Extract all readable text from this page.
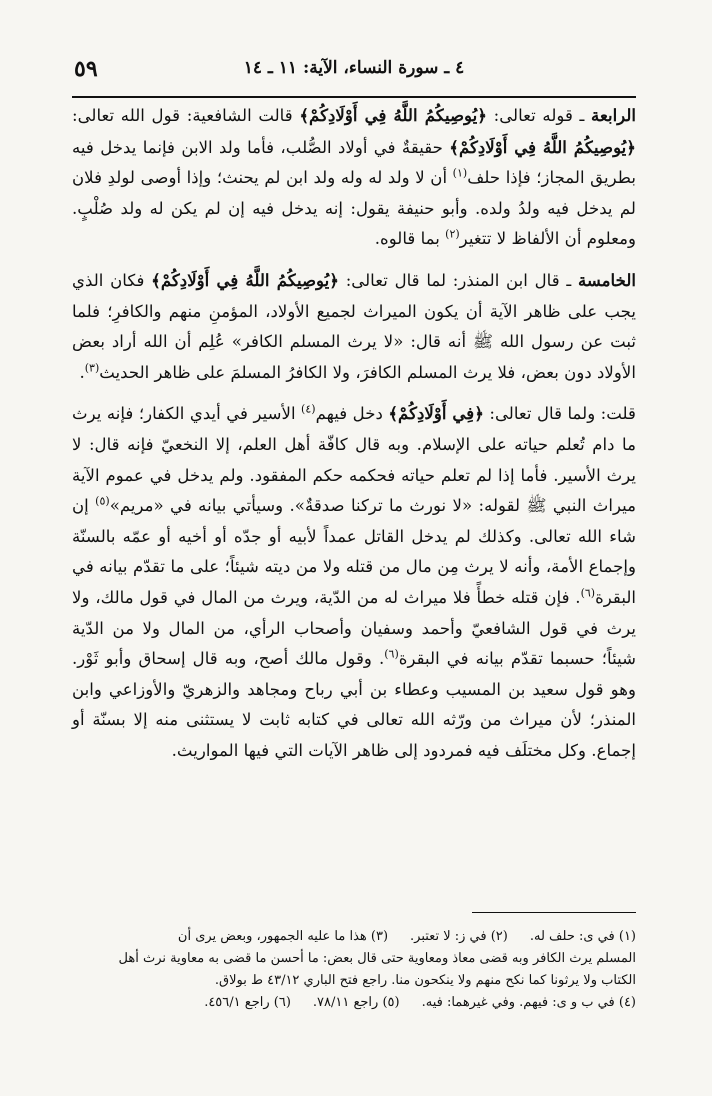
٤ ـ سورة النساء، الآية: ١١ ـ ١٤
٥٩

الرابعة ـ قوله تعالى: ﴿يُوصِيكُمُ اللَّهُ فِي أَوْلَادِكُمْ﴾ قالت الشافعية: قول الله تعالى: ﴿يُوصِيكُمُ اللَّهُ فِي أَوْلَادِكُمْ﴾ حقيقةٌ في أولاد الصُّلب، فأما ولد الابن فإنما يدخل فيه بطريق المجاز؛ فإذا حلف$^{(١)}$ أن لا ولد له وله ولد ابن لم يحنث؛ وإذا أوصى لولدِ فلان لم يدخل فيه ولدُ ولده. وأبو حنيفة يقول: إنه يدخل فيه إن لم يكن له ولد صُلْبٍ. ومعلوم أن الألفاظ لا تتغير$^{(٢)}$ بما قالوه.

الخامسة ـ قال ابن المنذر: لما قال تعالى: ﴿يُوصِيكُمُ اللَّهُ فِي أَوْلَادِكُمْ﴾ فكان الذي يجب على ظاهر الآية أن يكون الميراث لجميع الأولاد، المؤمنِ منهم والكافرِ؛ فلما ثبت عن رسول الله ﷺ أنه قال: «لا يرث المسلم الكافر» عُلِم أن الله أراد بعض الأولاد دون بعض، فلا يرث المسلم الكافرَ، ولا الكافرُ المسلمَ على ظاهر الحديث$^{(٣)}$.

قلت: ولما قال تعالى: ﴿فِي أَوْلَادِكُمْ﴾ دخل فيهم$^{(٤)}$ الأسير في أيدي الكفار؛ فإنه يرث ما دام تُعلم حياته على الإسلام. وبه قال كافّة أهل العلم، إلا النخعيّ فإنه قال: لا يرث الأسير. فأما إذا لم تعلم حياته فحكمه حكم المفقود. ولم يدخل في عموم الآية ميراث النبي ﷺ لقوله: «لا نورث ما تركنا صدقةٌ». وسيأتي بيانه في «مريم»$^{(٥)}$ إن شاء الله تعالى. وكذلك لم يدخل القاتل عمداً لأبيه أو جدّه أو أخيه أو عمّه بالسنّة وإجماع الأمة، وأنه لا يرث مِن مال من قتله ولا من ديته شيئاً؛ على ما تقدّم بيانه في البقرة$^{(٦)}$. فإن قتله خطأً فلا ميراث له من الدّية، ويرث من المال في قول مالك، ولا يرث في قول الشافعيّ وأحمد وسفيان وأصحاب الرأي، من المال ولا من الدّية شيئاً؛ حسبما تقدّم بيانه في البقرة$^{(٦)}$. وقول مالك أصح، وبه قال إسحاق وأبو ثَوْر. وهو قول سعيد بن المسيب وعطاء بن أبي رباح ومجاهد والزهريّ والأوزاعي وابن المنذر؛ لأن ميراث من ورّثه الله تعالى في كتابه ثابت لا يستثنى منه إلا بسنّة أو إجماع. وكل مختلَف فيه فمردود إلى ظاهر الآيات التي فيها المواريث.

(١) في ى: حلف له.(٢) في ز: لا تعتبر.(٣) هذا ما عليه الجمهور، وبعض يرى أن
المسلم يرث الكافر وبه قضى معاذ ومعاوية حتى قال بعض: ما أحسن ما قضى به معاوية نرث أهل
الكتاب ولا يرثونا كما نكح منهم ولا ينكحون منا. راجع فتح الباري ٤٣/١٢ ط بولاق.
(٤) في ب و ى: فيهم. وفي غيرهما: فيه.(٥) راجع ٧٨/١١.(٦) راجع ٤٥٦/١.
